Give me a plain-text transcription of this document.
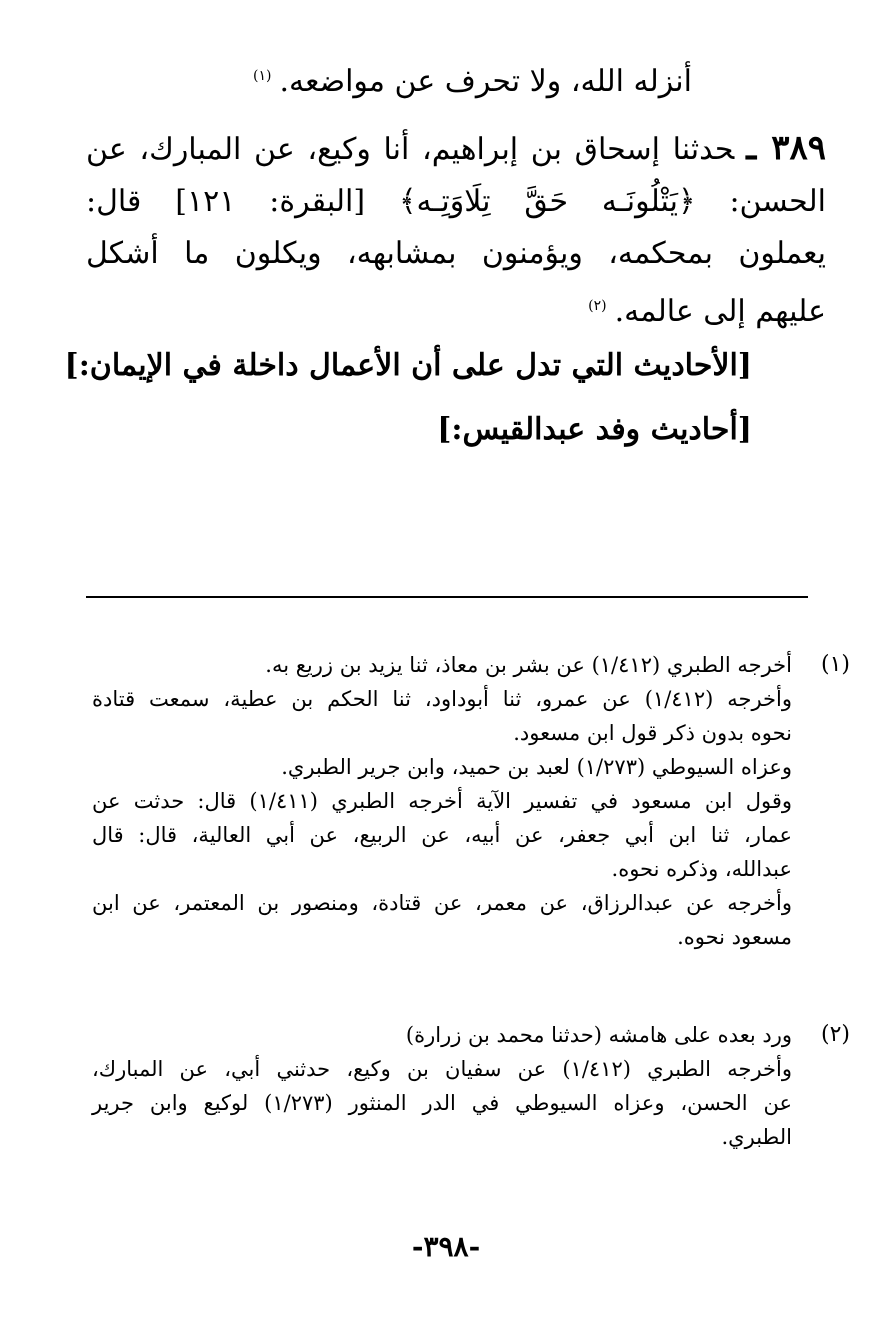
أنزله الله، ولا تحرف عن مواضعه.$^{(١)}$
٣٨٩ ـحدثنا إسحاق بن إبراهيم، أنا وكيع، عن المبارك، عن
الحسن: ﴿يَتْلُونَـه حَقَّ تِلَاوَتِـه﴾ [البقرة: ١٢١] قال:
يعملون بمحكمه، ويؤمنون بمشابهه، ويكلون ما أشكل
عليهم إلى عالمه.$^{(٢)}$
[الأحاديث التي تدل على أن الأعمال داخلة في الإيمان:]
[أحاديث وفد عبدالقيس:]
(١)
أخرجه الطبري (١/٤١٢) عن بشر بن معاذ، ثنا يزيد بن زريع به.
وأخرجه (١/٤١٢) عن عمرو، ثنا أبوداود، ثنا الحكم بن عطية، سمعت قتادة
نحوه بدون ذكر قول ابن مسعود.
وعزاه السيوطي (١/٢٧٣) لعبد بن حميد، وابن جرير الطبري.
وقول ابن مسعود في تفسير الآية أخرجه الطبري (١/٤١١) قال: حدثت عن
عمار، ثنا ابن أبي جعفر، عن أبيه، عن الربيع، عن أبي العالية، قال: قال
عبدالله، وذكره نحوه.
وأخرجه عن عبدالرزاق، عن معمر، عن قتادة، ومنصور بن المعتمر، عن ابن
مسعود نحوه.
(٢)
ورد بعده على هامشه (حدثنا محمد بن زرارة)
وأخرجه الطبري (١/٤١٢) عن سفيان بن وكيع، حدثني أبي، عن المبارك،
عن الحسن، وعزاه السيوطي في الدر المنثور (١/٢٧٣) لوكيع وابن جرير
الطبري.
-٣٩٨-
